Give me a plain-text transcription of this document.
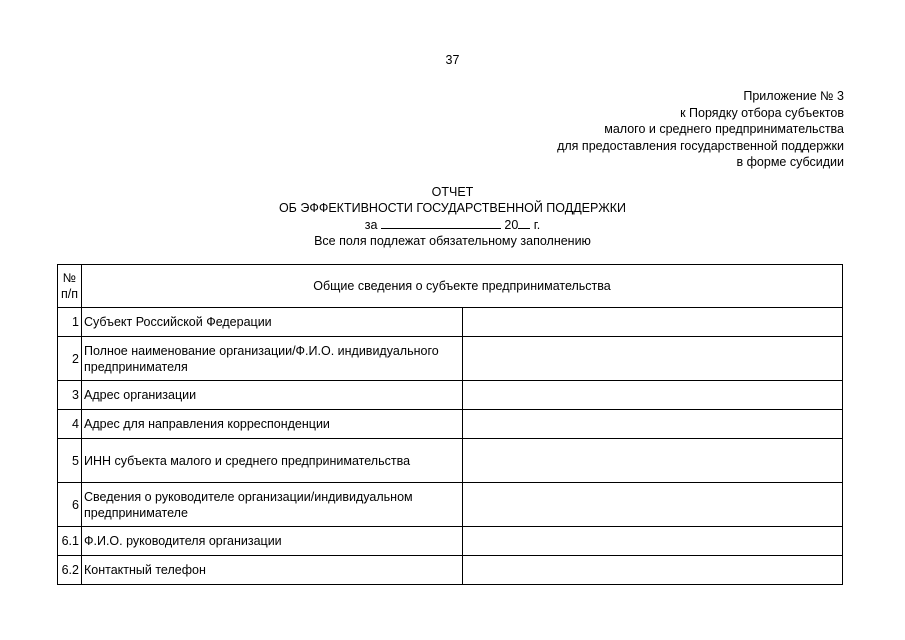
37
Приложение № 3
к Порядку отбора субъектов
малого и среднего предпринимательства
для предоставления государственной поддержки
в форме субсидии
ОТЧЕТ
ОБ ЭФФЕКТИВНОСТИ ГОСУДАРСТВЕННОЙ ПОДДЕРЖКИ
за	20 г.
Все поля подлежат обязательному заполнению
№ п/п	Общие сведения о субъекте предпринимательства	
1	Субъект Российской Федерации	
2	Полное наименование организации/Ф.И.О. индивидуального предпринимателя	
3	Адрес организации	
4	Адрес для направления корреспонденции	
5	ИНН субъекта малого и среднего предпринимательства	
6	Сведения о руководителе организации/индивидуальном предпринимателе	
6.1	Ф.И.О. руководителя организации	
6.2	Контактный телефон	
